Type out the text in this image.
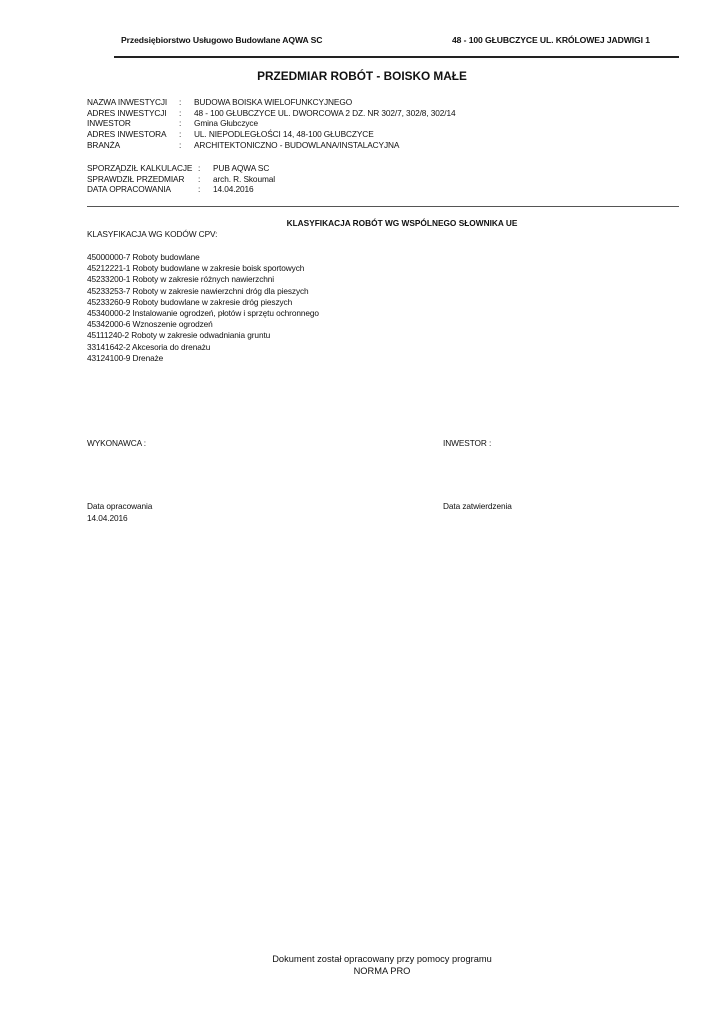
Przedsiębiorstwo Usługowo Budowlane AQWA SC	48 - 100 GŁUBCZYCE UL. KRÓLOWEJ JADWIGI 1
PRZEDMIAR ROBÓT - BOISKO MAŁE
NAZWA INWESTYCJI : BUDOWA BOISKA WIELOFUNKCYJNEGO
ADRES INWESTYCJI : 48 - 100 GŁUBCZYCE UL. DWORCOWA 2 DZ. NR 302/7, 302/8, 302/14
INWESTOR	: Gmina Głubczyce
ADRES INWESTORA : UL. NIEPODLEGŁOŚCI 14, 48-100 GŁUBCZYCE
BRANŻA	: ARCHITEKTONICZNO - BUDOWLANA/INSTALACYJNA
SPORZĄDZIŁ KALKULACJE : PUB AQWA SC
SPRAWDZIŁ PRZEDMIAR : arch. R. Skoumal
DATA OPRACOWANIA	: 14.04.2016
KLASYFIKACJA ROBÓT WG WSPÓLNEGO SŁOWNIKA UE
KLASYFIKACJA WG KODÓW CPV:
45000000-7 Roboty budowlane
45212221-1 Roboty budowlane w zakresie boisk sportowych
45233200-1 Roboty w zakresie różnych nawierzchni
45233253-7 Roboty w zakresie nawierzchni dróg dla pieszych
45233260-9 Roboty budowlane w zakresie dróg pieszych
45340000-2 Instalowanie ogrodzeń, płotów i sprzętu ochronnego
45342000-6 Wznoszenie ogrodzeń
45111240-2 Roboty w zakresie odwadniania gruntu
33141642-2 Akcesoria do drenażu
43124100-9 Drenaże
WYKONAWCA :	INWESTOR :
Data opracowania
14.04.2016
Data zatwierdzenia
Dokument został opracowany przy pomocy programu
NORMA PRO
